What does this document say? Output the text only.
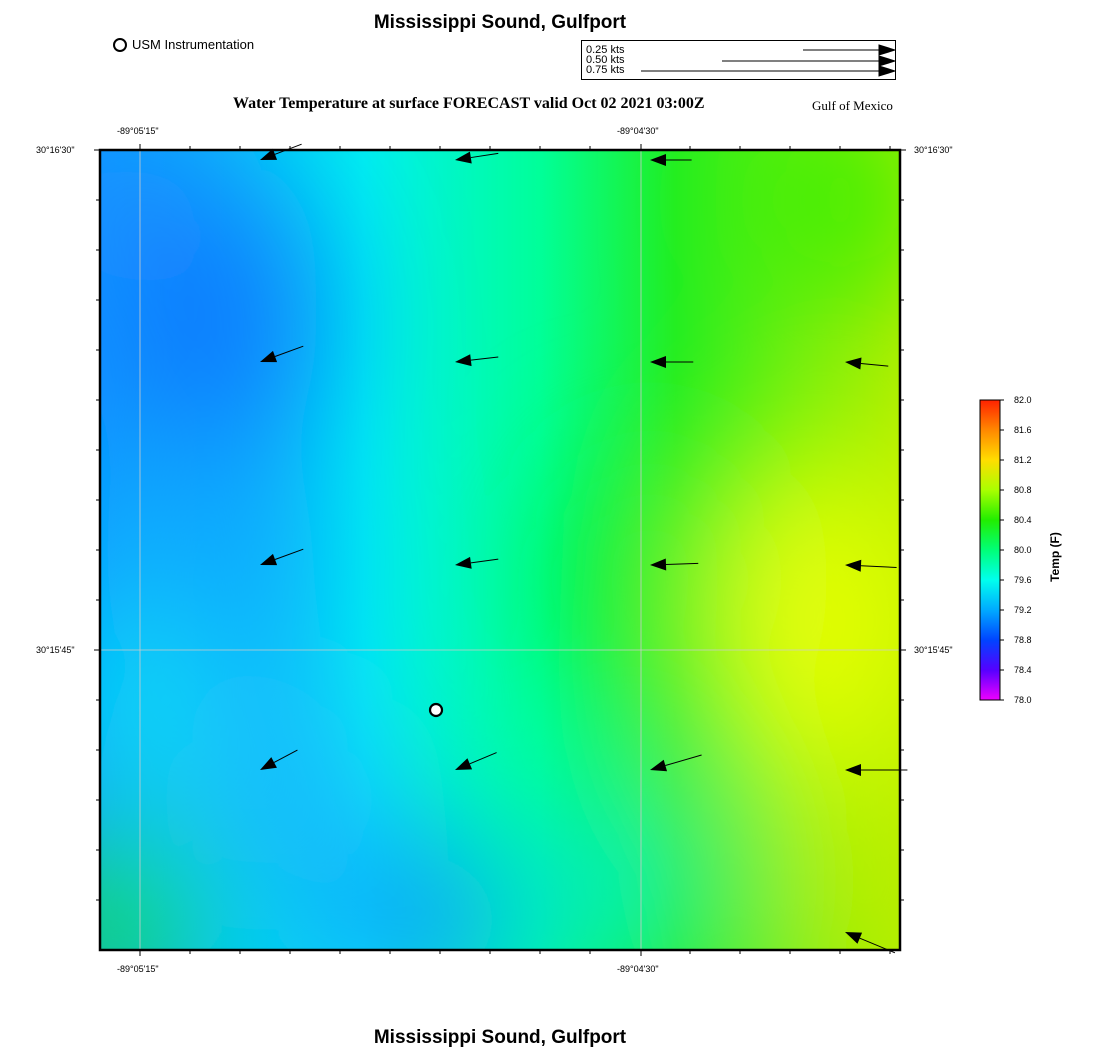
Mississippi Sound, Gulfport
Mississippi Sound, Gulfport
USM Instrumentation	0.25 kts
0.50 kts
0.75 kts
Water Temperature at surface FORECAST valid Oct 02 2021 03:00Z	Gulf of Mexico
-89°05'15"	-89°04'30"
-89°05'15"	-89°04'30"
30°16'30"
30°15'45"
30°16'30"
30°15'45"
82.0
81.6
81.2
80.8
80.4
80.0
79.6
79.2
78.8
78.4
78.0
Temp (F)
